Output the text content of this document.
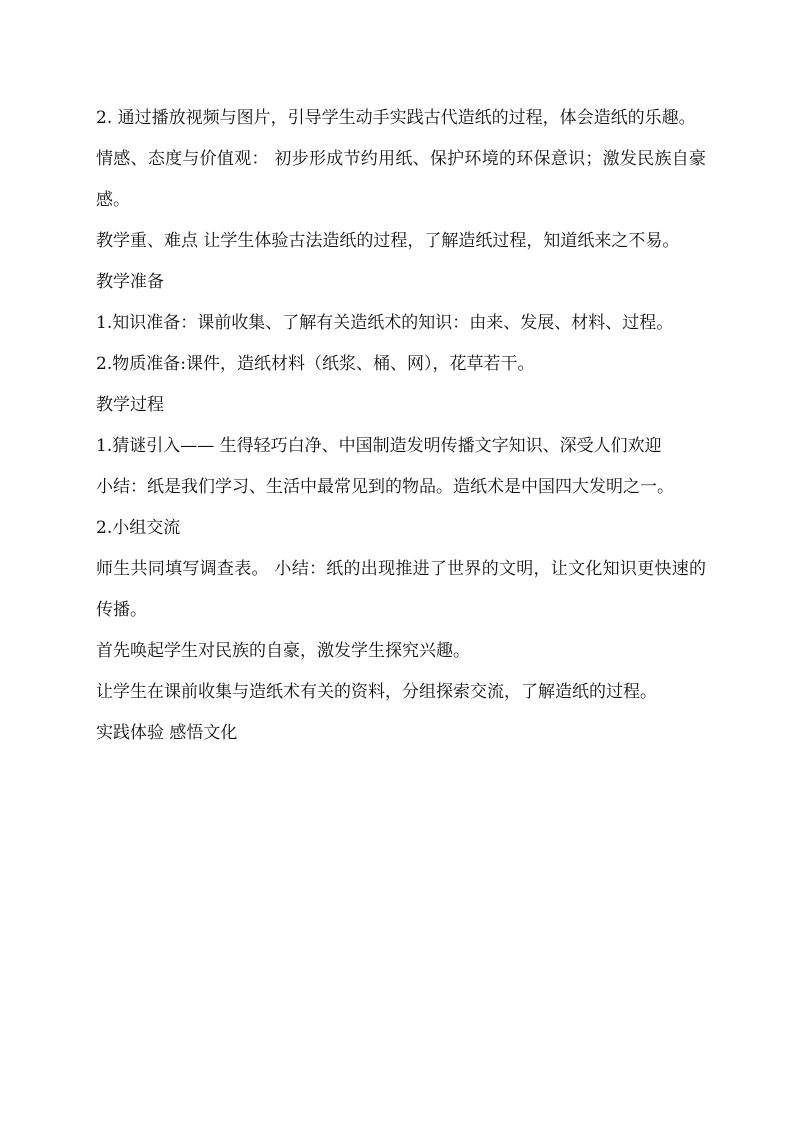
2. 通过播放视频与图片，引导学生动手实践古代造纸的过程，体会造纸的乐趣。

情感、态度与价值观： 初步形成节约用纸、保护环境的环保意识；激发民族自豪感。

教学重、难点 让学生体验古法造纸的过程，了解造纸过程，知道纸来之不易。

教学准备

1.知识准备：课前收集、了解有关造纸术的知识：由来、发展、材料、过程。

2.物质准备:课件，造纸材料（纸浆、桶、网），花草若干。

教学过程

1.猜谜引入—— 生得轻巧白净、中国制造发明传播文字知识、深受人们欢迎

小结：纸是我们学习、生活中最常见到的物品。造纸术是中国四大发明之一。

2.小组交流

师生共同填写调查表。 小结：纸的出现推进了世界的文明，让文化知识更快速的传播。

首先唤起学生对民族的自豪，激发学生探究兴趣。

让学生在课前收集与造纸术有关的资料，分组探索交流，了解造纸的过程。

实践体验 感悟文化
